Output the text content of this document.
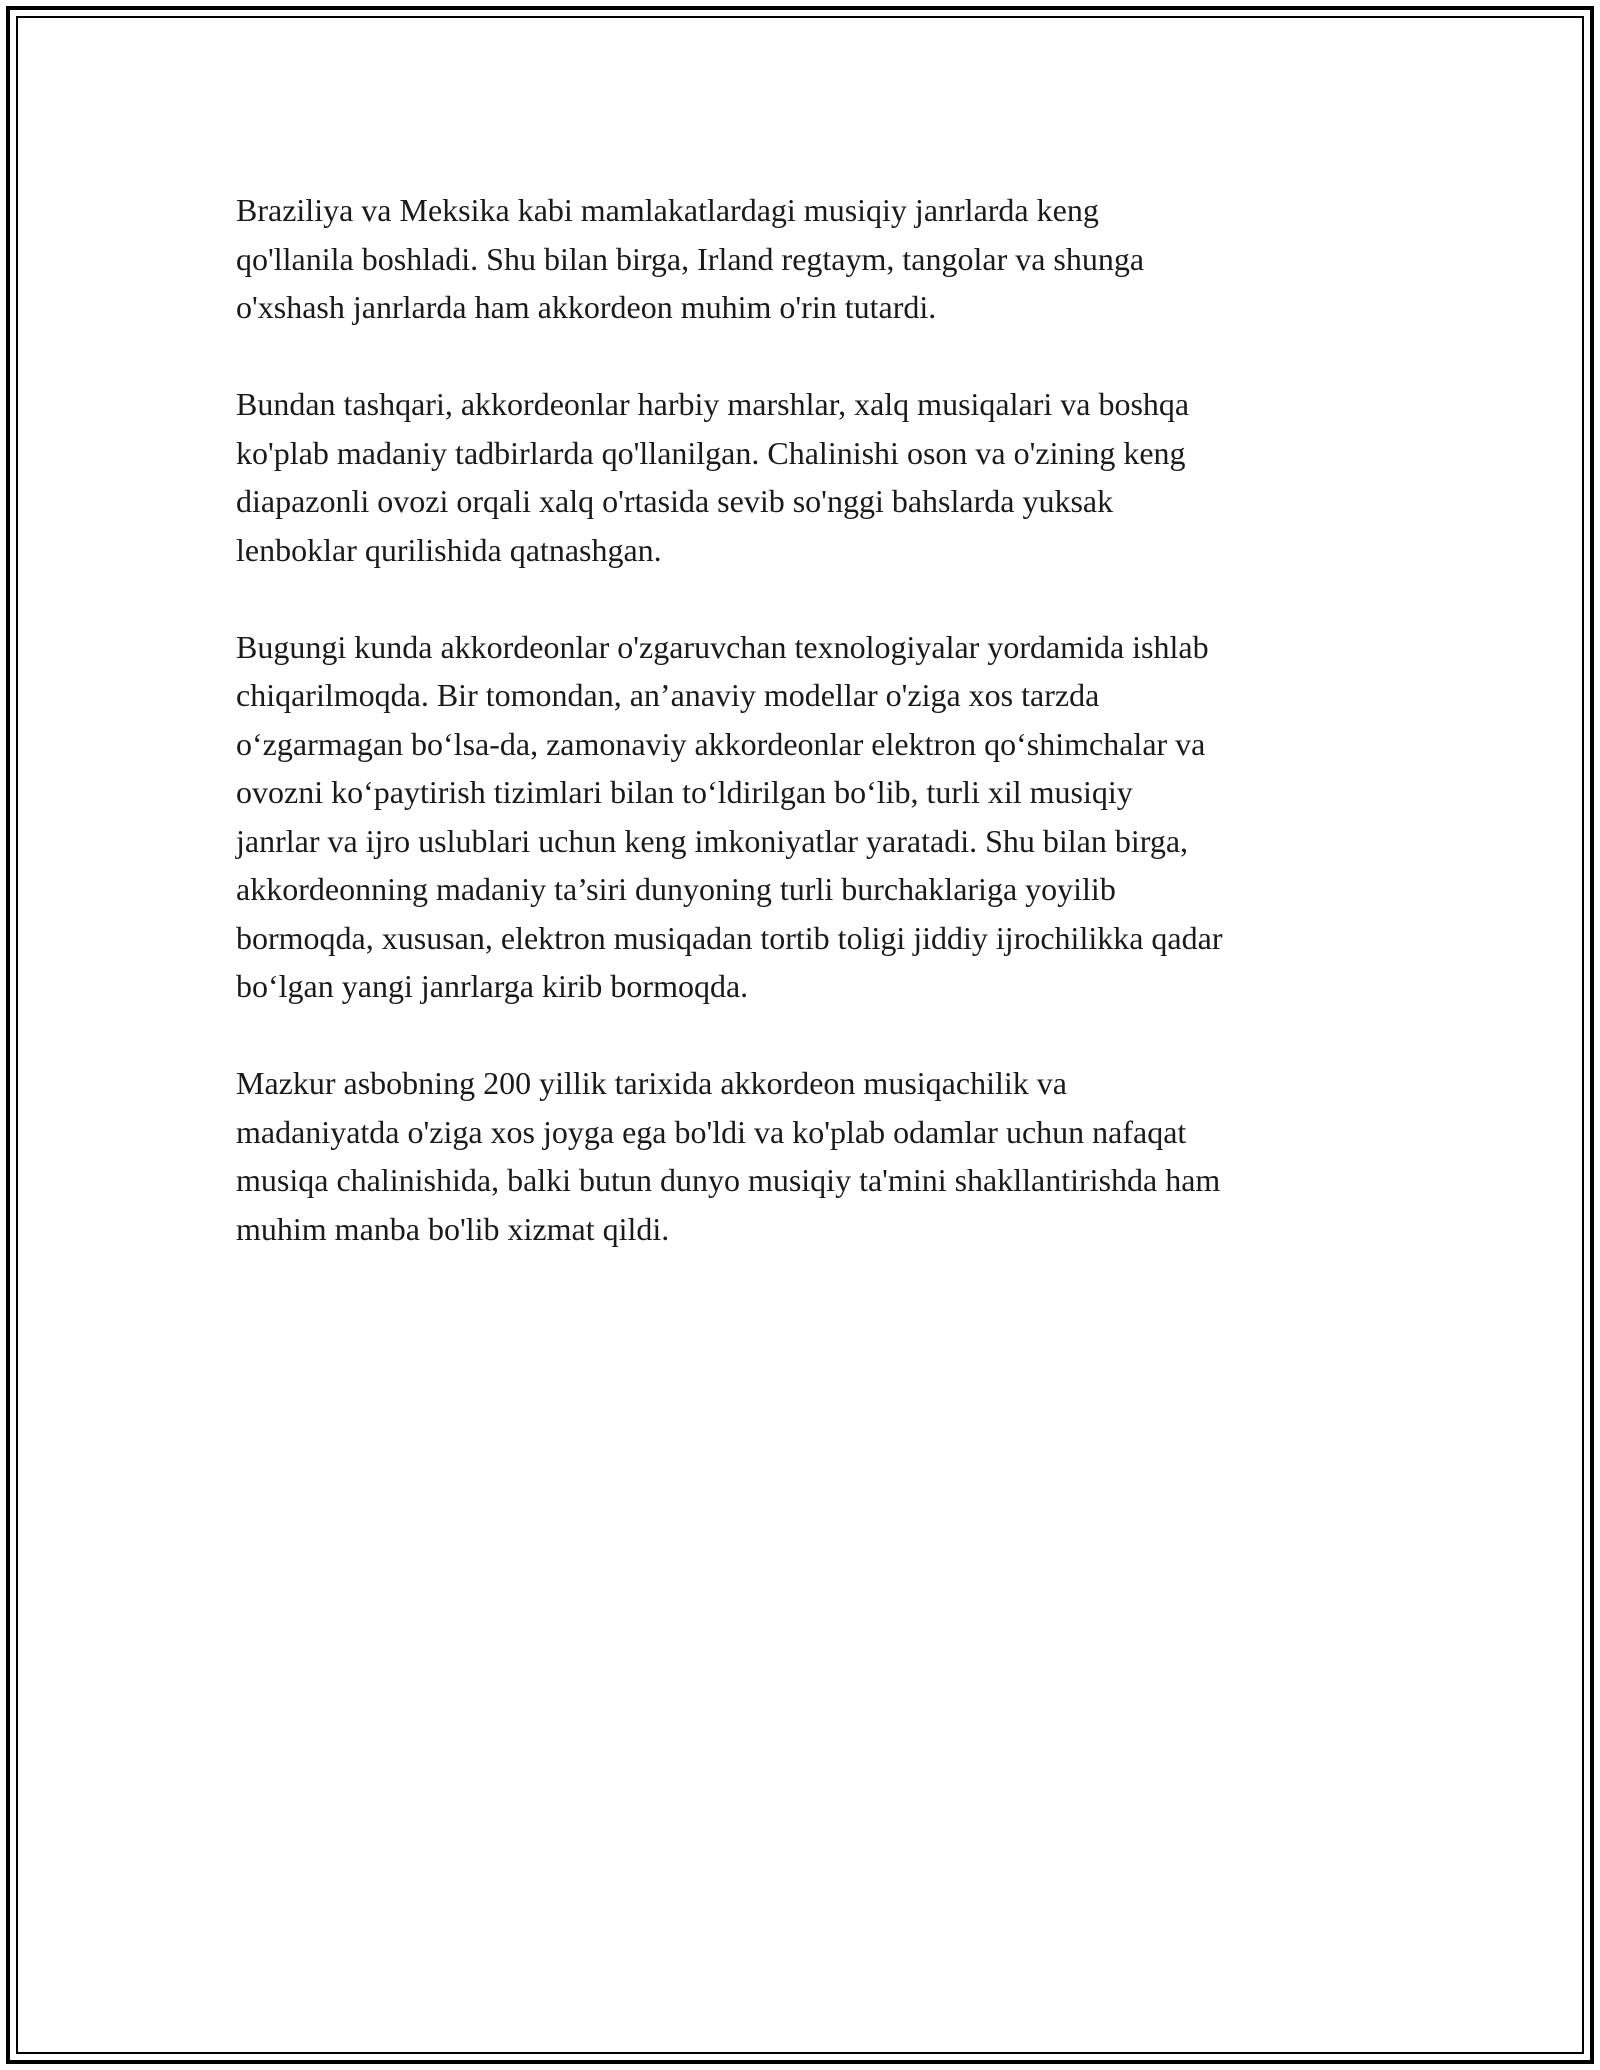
Braziliya va Meksika kabi mamlakatlardagi musiqiy janrlarda keng
qo'llanila boshladi. Shu bilan birga, Irland regtaym, tangolar va shunga
o'xshash janrlarda ham akkordeon muhim o'rin tutardi.

Bundan tashqari, akkordeonlar harbiy marshlar, xalq musiqalari va boshqa
ko'plab madaniy tadbirlarda qo'llanilgan. Chalinishi oson va o'zining keng
diapazonli ovozi orqali xalq o'rtasida sevib so'nggi bahslarda yuksak
lenboklar qurilishida qatnashgan.

Bugungi kunda akkordeonlar o'zgaruvchan texnologiyalar yordamida ishlab
chiqarilmoqda. Bir tomondan, an’anaviy modellar o'ziga xos tarzda
o‘zgarmagan bo‘lsa-da, zamonaviy akkordeonlar elektron qo‘shimchalar va
ovozni ko‘paytirish tizimlari bilan to‘ldirilgan bo‘lib, turli xil musiqiy
janrlar va ijro uslublari uchun keng imkoniyatlar yaratadi. Shu bilan birga,
akkordeonning madaniy ta’siri dunyoning turli burchaklariga yoyilib
bormoqda, xususan, elektron musiqadan tortib toligi jiddiy ijrochilikka qadar
bo‘lgan yangi janrlarga kirib bormoqda.

Mazkur asbobning 200 yillik tarixida akkordeon musiqachilik va
madaniyatda o'ziga xos joyga ega bo'ldi va ko'plab odamlar uchun nafaqat
musiqa chalinishida, balki butun dunyo musiqiy ta'mini shakllantirishda ham
muhim manba bo'lib xizmat qildi.
